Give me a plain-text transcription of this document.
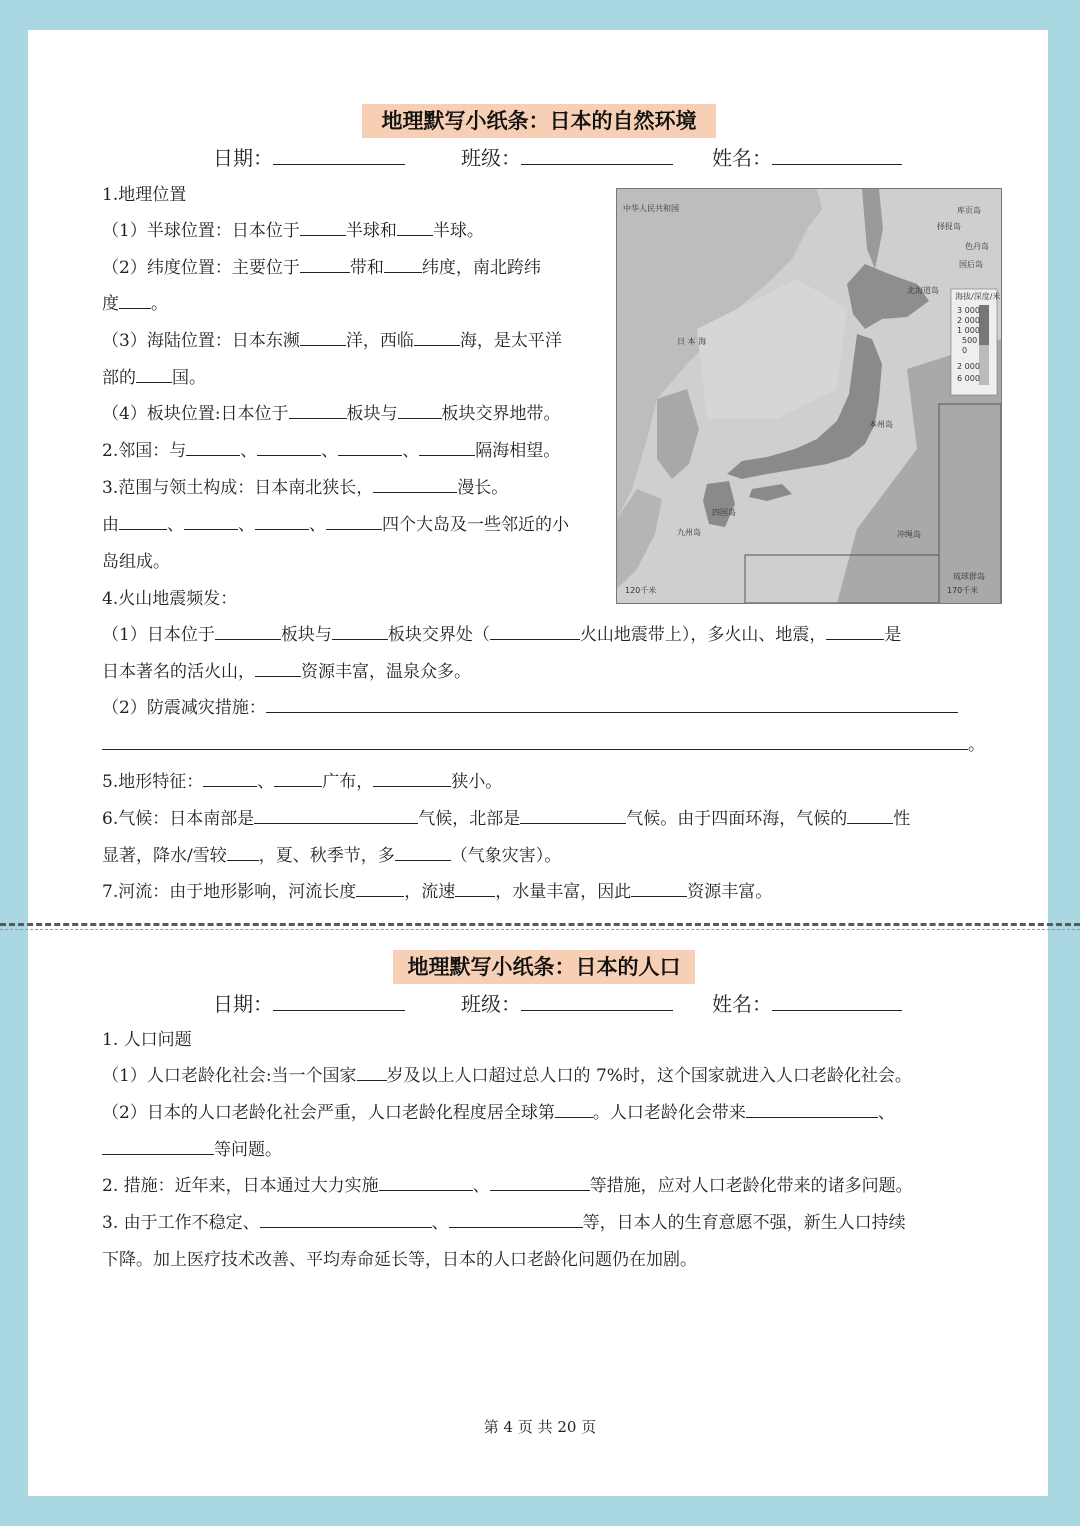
地理默写小纸条：日本的自然环境
日期：	班级：	姓名：
1.地理位置
（1）半球位置：日本位于	半球和 半球。
（2）纬度位置：主要位于	带和 纬度，南北跨纬
度 。
（3）海陆位置：日本东濒	洋，西临	海，是太平洋
部的 国。
（4）板块位置:日本位于	板块与	板块交界地带。
2.邻国：与	、	、	、	隔海相望。
3.范围与领土构成：日本南北狭长，	漫长。
由	、	、	、	四个大岛及一些邻近的小
岛组成。
4.火山地震频发：
（1）日本位于	板块与	板块交界处（	火山地震带上），多火山、地震，	是
日本著名的活火山，	资源丰富，温泉众多。
（2）防震减灾措施：
。
5.地形特征：	、	广布，	狭小。
6.气候：日本南部是	气候，北部是	气候。由于四面环海，气候的	性
显著，降水/雪较 ，夏、秋季节，多	（气象灾害）。
7.河流：由于地形影响，河流长度	，流速 ，水量丰富，因此	资源丰富。
海拔/深度/米
3 000
2 000
1 000
500
0
2 000
6 000
中华人民共和国
日 本 海
北海道岛
本州岛
四国岛
九州岛	冲绳岛
琉球群岛
库页岛
色丹岛
择捉岛
国后岛
120千米	170千米
地理默写小纸条：日本的人口
日期：	班级：	姓名：
1. 人口问题
（1）人口老龄化社会:当一个国家 岁及以上人口超过总人口的 7%时，这个国家就进入人口老龄化社会。
（2）日本的人口老龄化社会严重，人口老龄化程度居全球第 。人口老龄化会带来	、
等问题。
2. 措施：近年来，日本通过大力实施	、	等措施，应对人口老龄化带来的诸多问题。
3. 由于工作不稳定、	、	等，日本人的生育意愿不强，新生人口持续
下降。加上医疗技术改善、平均寿命延长等，日本的人口老龄化问题仍在加剧。
第 4 页 共 20 页
